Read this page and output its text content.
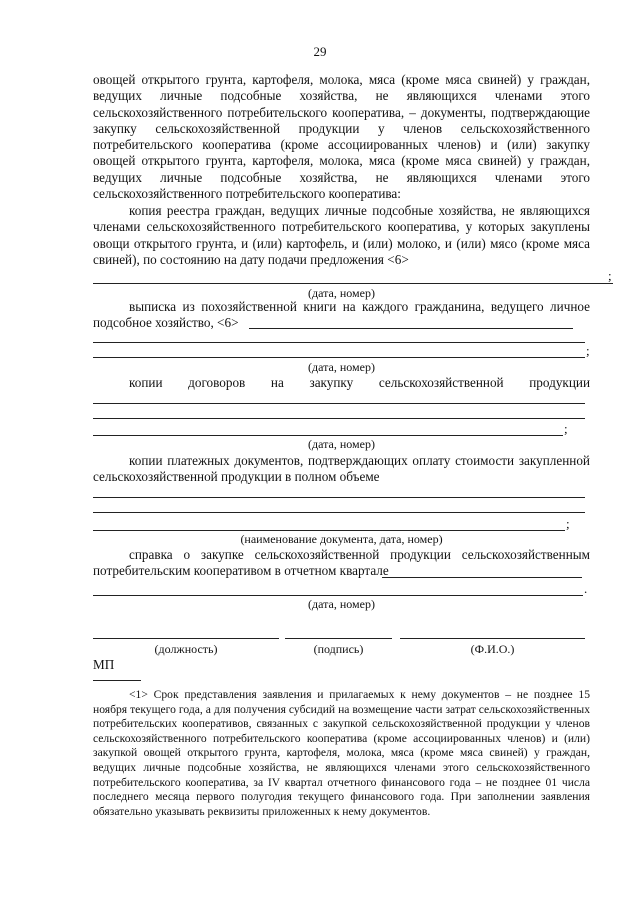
29
овощей открытого грунта, картофеля, молока, мяса (кроме мяса свиней) у граждан, ведущих личные подсобные хозяйства, не являющихся членами этого сельскохозяйственного потребительского кооператива, – документы, подтверждающие закупку сельскохозяйственной продукции у членов сельскохозяйственного потребительского кооператива (кроме ассоциированных членов) и (или) закупку овощей открытого грунта, картофеля, молока, мяса (кроме мяса свиней) у граждан, ведущих личные подсобные хозяйства, не являющихся членами этого сельскохозяйственного потребительского кооператива:
копия реестра граждан, ведущих личные подсобные хозяйства, не являющихся членами сельскохозяйственного потребительского кооператива, у которых закуплены овощи открытого грунта, и (или) картофель, и (или) молоко, и (или) мясо (кроме мяса свиней), по состоянию на дату подачи предложения <6>
;
(дата, номер)
выписка из похозяйственной книги на каждого гражданина, ведущего личное подсобное хозяйство, <6>
;
(дата, номер)
копии договоров на закупку сельскохозяйственной продукции
;
(дата, номер)
копии платежных документов, подтверждающих оплату стоимости закупленной сельскохозяйственной продукции в полном объеме
;
(наименование документа, дата, номер)
справка о закупке сельскохозяйственной продукции сельскохозяйственным потребительским кооперативом в отчетном квартале
.
(дата, номер)
(должность)	(подпись)	(Ф.И.О.)
МП
<1> Срок представления заявления и прилагаемых к нему документов – не позднее 15 ноября текущего года, а для получения субсидий на возмещение части затрат сельскохозяйственных потребительских кооперативов, связанных с закупкой сельскохозяйственной продукции у членов сельскохозяйственного потребительского кооператива (кроме ассоциированных членов) и (или) закупкой овощей открытого грунта, картофеля, молока, мяса (кроме мяса свиней) у граждан, ведущих личные подсобные хозяйства, не являющихся членами этого сельскохозяйственного потребительского кооператива, за IV квартал отчетного финансового года – не позднее 01 числа последнего месяца первого полугодия текущего финансового года. При заполнении заявления обязательно указывать реквизиты приложенных к нему документов.
